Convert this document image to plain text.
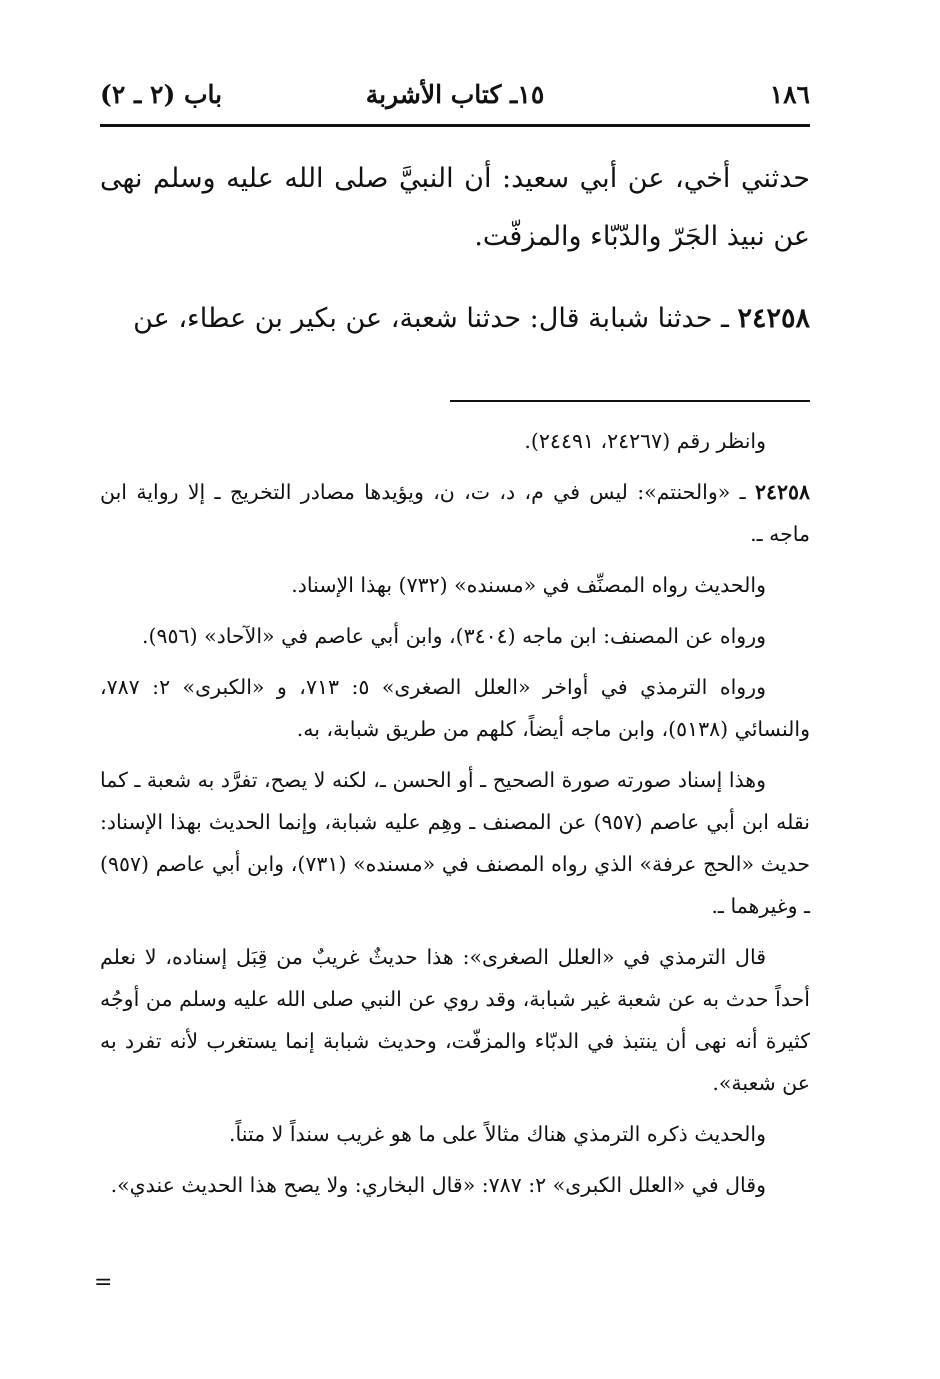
١٨٦
١٥ـ كتاب الأشربة
باب (٢ ـ ٢)

حدثني أخي، عن أبي سعيد: أن النبيَّ صلى الله عليه وسلم نهى عن نبيذ الجَرّ والدّبّاء والمزفّت.

٢٤٢٥٨ ـ حدثنا شبابة قال: حدثنا شعبة، عن بكير بن عطاء، عن

وانظر رقم (٢٤٢٦٧، ٢٤٤٩١).

٢٤٢٥٨ ـ «والحنتم»: ليس في م، د، ت، ن، ويؤيدها مصادر التخريج ـ إلا رواية ابن ماجه ـ.

والحديث رواه المصنِّف في «مسنده» (٧٣٢) بهذا الإسناد.

ورواه عن المصنف: ابن ماجه (٣٤٠٤)، وابن أبي عاصم في «الآحاد» (٩٥٦).

ورواه الترمذي في أواخر «العلل الصغرى» ٥: ٧١٣، و «الكبرى» ٢: ٧٨٧، والنسائي (٥١٣٨)، وابن ماجه أيضاً، كلهم من طريق شبابة، به.

وهذا إسناد صورته صورة الصحيح ـ أو الحسن ـ، لكنه لا يصح، تفرَّد به شعبة ـ كما نقله ابن أبي عاصم (٩٥٧) عن المصنف ـ وهِم عليه شبابة، وإنما الحديث بهذا الإسناد: حديث «الحج عرفة» الذي رواه المصنف في «مسنده» (٧٣١)، وابن أبي عاصم (٩٥٧) ـ وغيرهما ـ.

قال الترمذي في «العلل الصغرى»: هذا حديثٌ غريبٌ من قِبَل إسناده، لا نعلم أحداً حدث به عن شعبة غير شبابة، وقد روي عن النبي صلى الله عليه وسلم من أوجُه كثيرة أنه نهى أن ينتبذ في الدبّاء والمزفّت، وحديث شبابة إنما يستغرب لأنه تفرد به عن شعبة».

والحديث ذكره الترمذي هناك مثالاً على ما هو غريب سنداً لا متناً.

وقال في «العلل الكبرى» ٢: ٧٨٧: «قال البخاري: ولا يصح هذا الحديث عندي».

=
